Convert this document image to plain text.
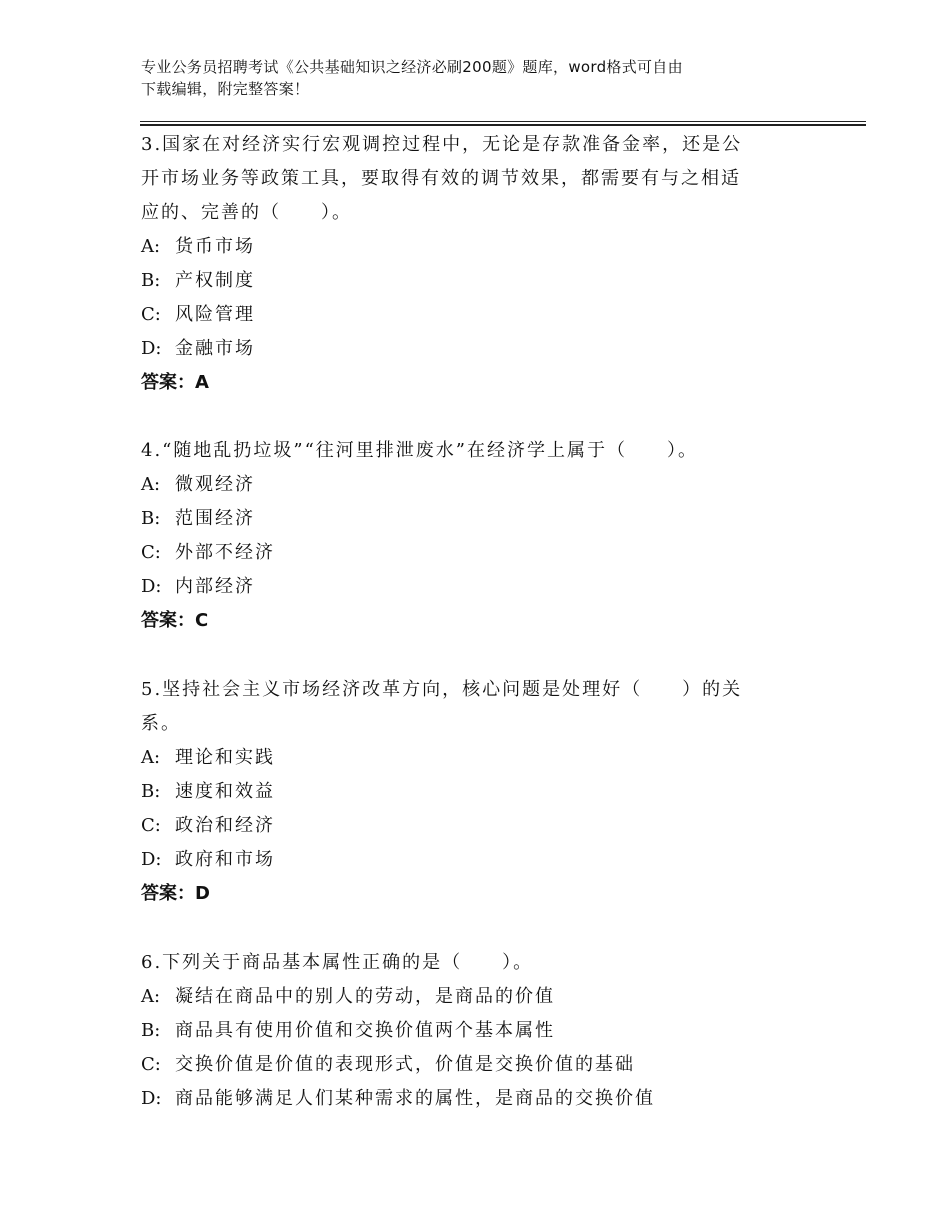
专业公务员招聘考试《公共基础知识之经济必刷200题》题库，word格式可自由
下载编辑，附完整答案！

3.国家在对经济实行宏观调控过程中，无论是存款准备金率，还是公
开市场业务等政策工具，要取得有效的调节效果，都需要有与之相适
应的、完善的（　　）。

A: 货币市场
B: 产权制度
C: 风险管理
D: 金融市场
答案：A

4.“随地乱扔垃圾”“往河里排泄废水”在经济学上属于（　　）。

A: 微观经济
B: 范围经济
C: 外部不经济
D: 内部经济
答案：C

5.坚持社会主义市场经济改革方向，核心问题是处理好（　　）的关
系。

A: 理论和实践
B: 速度和效益
C: 政治和经济
D: 政府和市场
答案：D

6.下列关于商品基本属性正确的是（　　）。

A: 凝结在商品中的别人的劳动，是商品的价值
B: 商品具有使用价值和交换价值两个基本属性
C: 交换价值是价值的表现形式，价值是交换价值的基础
D: 商品能够满足人们某种需求的属性，是商品的交换价值
